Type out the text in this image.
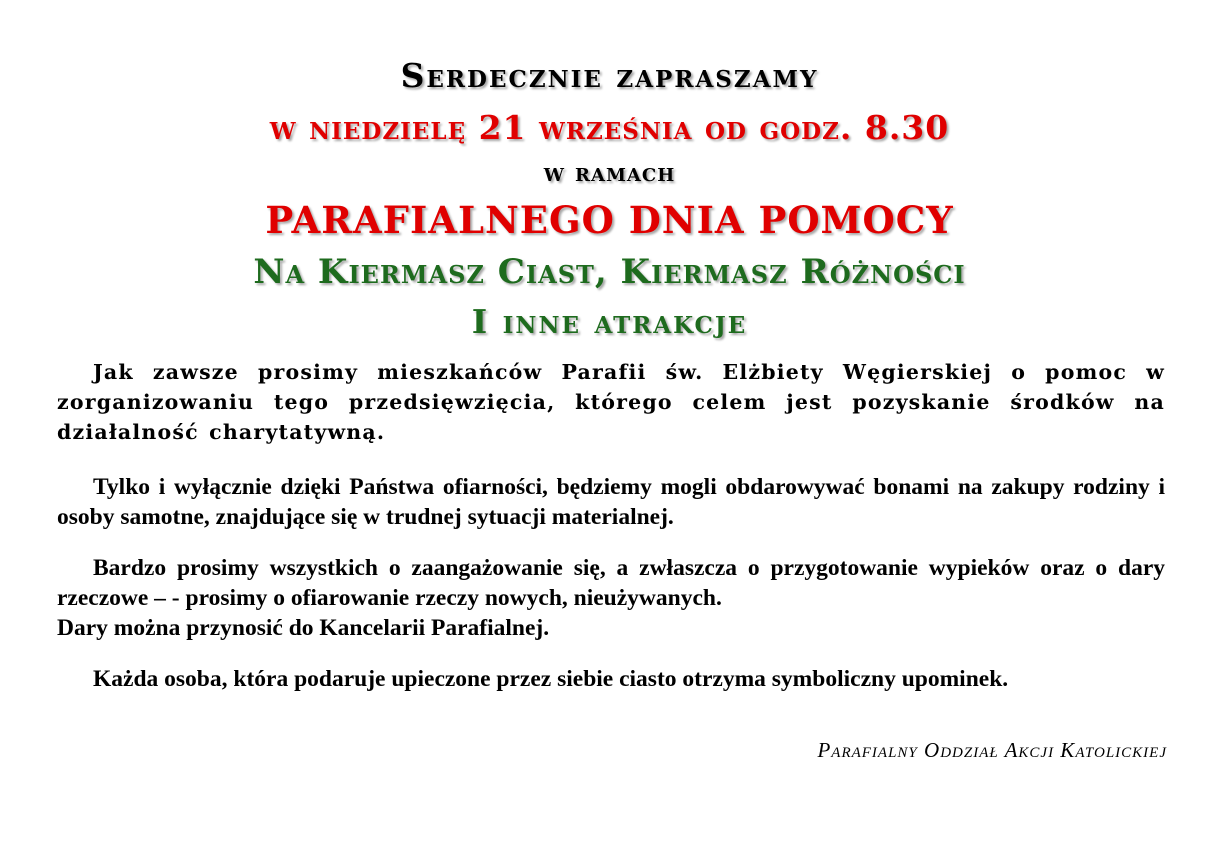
Serdecznie zapraszamy
w niedzielę 21 września od godz. 8.30
w ramach
PARAFIALNEGO DNIA POMOCY
Na Kiermasz Ciast, Kiermasz Różności
I inne atrakcje
Jak zawsze prosimy mieszkańców Parafii św. Elżbiety Węgierskiej o pomoc w zorganizowaniu tego przedsięwzięcia, którego celem jest pozyskanie środków na działalność charytatywną.
Tylko i wyłącznie dzięki Państwa ofiarności, będziemy mogli obdarowywać bonami na zakupy rodziny i osoby samotne, znajdujące się w trudnej sytuacji materialnej.
Bardzo prosimy wszystkich o zaangażowanie się, a zwłaszcza o przygotowanie wypieków oraz o dary rzeczowe – - prosimy o ofiarowanie rzeczy nowych, nieużywanych.
Dary można przynosić do Kancelarii Parafialnej.
Każda osoba, która podaruje upieczone przez siebie ciasto otrzyma symboliczny upominek.
Parafialny Oddział Akcji Katolickiej
